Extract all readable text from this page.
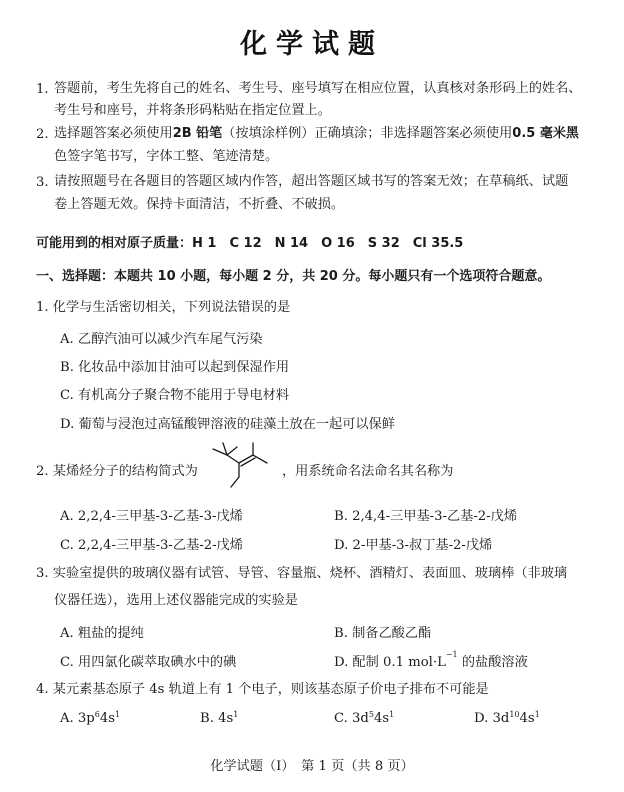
化学试题
1. 答题前，考生先将自己的姓名、考生号、座号填写在相应位置，认真核对条形码上的姓名、
考生号和座号，并将条形码粘贴在指定位置上。
2. 选择题答案必须使用2B 铅笔（按填涂样例）正确填涂；非选择题答案必须使用0.5 毫米黑
色签字笔书写，字体工整、笔迹清楚。
3. 请按照题号在各题目的答题区域内作答，超出答题区域书写的答案无效；在草稿纸、试题
卷上答题无效。保持卡面清洁，不折叠、不破损。
可能用到的相对原子质量：H 1　C 12　N 14　O 16　S 32　Cl 35.5
一、选择题：本题共 10 小题，每小题 2 分，共 20 分。每小题只有一个选项符合题意。
1. 化学与生活密切相关，下列说法错误的是
A. 乙醇汽油可以减少汽车尾气污染
B. 化妆品中添加甘油可以起到保湿作用
C. 有机高分子聚合物不能用于导电材料
D. 葡萄与浸泡过高锰酸钾溶液的硅藻土放在一起可以保鲜
2. 某烯烃分子的结构简式为	，用系统命名法命名其名称为
A. 2,2,4-三甲基-3-乙基-3-戊烯	B. 2,4,4-三甲基-3-乙基-2-戊烯
C. 2,2,4-三甲基-3-乙基-2-戊烯	D. 2-甲基-3-叔丁基-2-戊烯
3. 实验室提供的玻璃仪器有试管、导管、容量瓶、烧杯、酒精灯、表面皿、玻璃棒（非玻璃
仪器任选），选用上述仪器能完成的实验是
A. 粗盐的提纯	B. 制备乙酸乙酯
C. 用四氯化碳萃取碘水中的碘	D. 配制 0.1 $mol\cdot L^{-1}$ 的盐酸溶液
4. 某元素基态原子 4s 轨道上有 1 个电子，则该基态原子价电子排布不可能是
A. $3p^64s^1$	B. $4s^1$	C. $3d^54s^1$	D. $3d^{10}4s^1$
化学试题（Ⅰ）　第 1 页（共 8 页）
